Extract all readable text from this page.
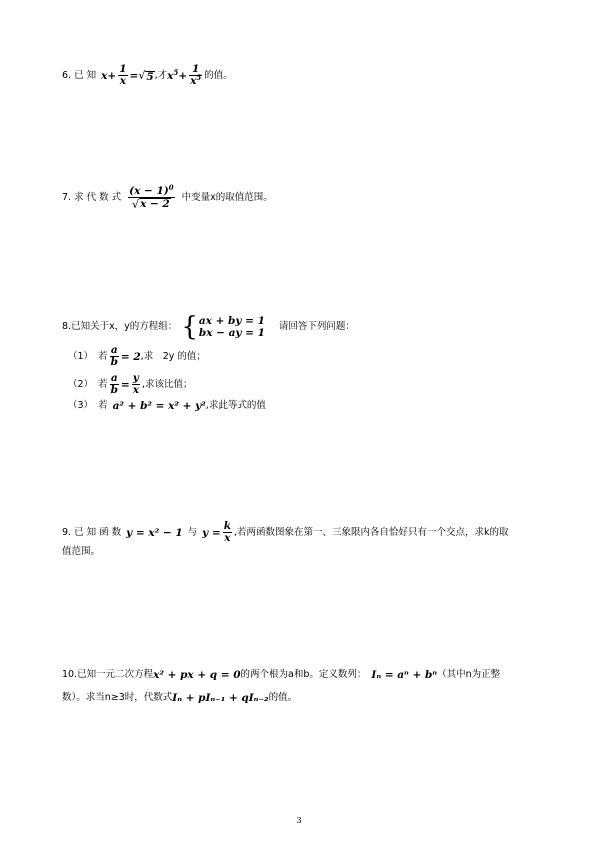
6. 已 知 $x + \frac{1}{x}$ = √ 5 ,才 $x^5 + \frac{1}{x^5}$ 的值。
7. 求 代 数 式 $\frac{(x - 1)^0}{√ x - 2}$ 中变量x的取值范围。
8.已知关于x，y的方程组： { ax + by = 1
bx − ay = 1
请回答下列问题：
（1） 若 $\frac{a}{b} = 2$ ,求　2y 的值；
（2） 若 $\frac{a}{b} = \frac{y}{x}$ ,求该比值；
（3） 若 a² + b² = x² + y² ,求此等式的值
9. 已 知 函 数 y = x² − 1 与 $y = \frac{k}{x}$ ,若两函数图象在第一、三象限内各自恰好只有一个交点，求k的取
值范围。
10.已知一元二次方程 x² + px + q = 0 的两个根为a和b。定义数列： Iₙ = aⁿ + bⁿ （其中n为正整
数）。求当n≥3时，代数式 Iₙ + pIₙ₋₁ + qIₙ₋₂ 的值。
3
